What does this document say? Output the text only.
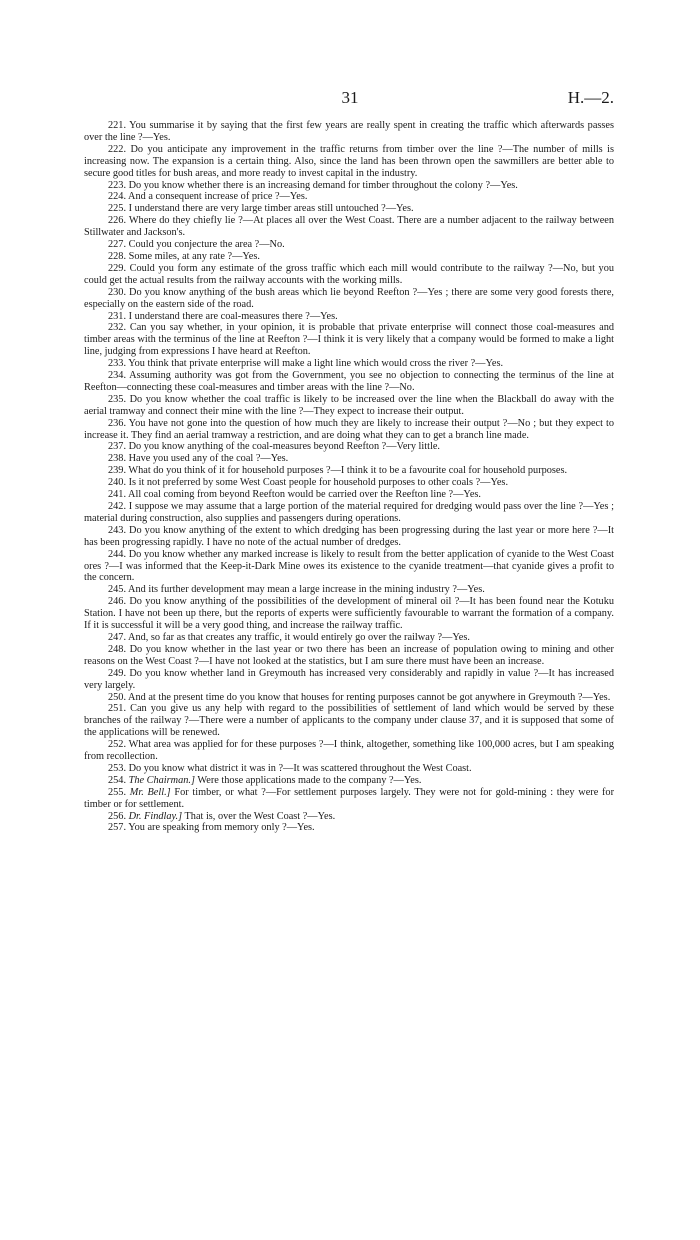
31	H.—2.

221. You summarise it by saying that the first few years are really spent in creating the traffic which afterwards passes over the line ?—Yes.

222. Do you anticipate any improvement in the traffic returns from timber over the line ?—The number of mills is increasing now. The expansion is a certain thing. Also, since the land has been thrown open the sawmillers are better able to secure good titles for bush areas, and more ready to invest capital in the industry.

223. Do you know whether there is an increasing demand for timber throughout the colony ?—Yes.

224. And a consequent increase of price ?—Yes.

225. I understand there are very large timber areas still untouched ?—Yes.

226. Where do they chiefly lie ?—At places all over the West Coast. There are a number adjacent to the railway between Stillwater and Jackson's.

227. Could you conjecture the area ?—No.

228. Some miles, at any rate ?—Yes.

229. Could you form any estimate of the gross traffic which each mill would contribute to the railway ?—No, but you could get the actual results from the railway accounts with the working mills.

230. Do you know anything of the bush areas which lie beyond Reefton ?—Yes ; there are some very good forests there, especially on the eastern side of the road.

231. I understand there are coal-measures there ?—Yes.

232. Can you say whether, in your opinion, it is probable that private enterprise will connect those coal-measures and timber areas with the terminus of the line at Reefton ?—I think it is very likely that a company would be formed to make a light line, judging from expressions I have heard at Reefton.

233. You think that private enterprise will make a light line which would cross the river ?—Yes.

234. Assuming authority was got from the Government, you see no objection to connecting the terminus of the line at Reefton—connecting these coal-measures and timber areas with the line ?—No.

235. Do you know whether the coal traffic is likely to be increased over the line when the Blackball do away with the aerial tramway and connect their mine with the line ?—They expect to increase their output.

236. You have not gone into the question of how much they are likely to increase their output ?—No ; but they expect to increase it. They find an aerial tramway a restriction, and are doing what they can to get a branch line made.

237. Do you know anything of the coal-measures beyond Reefton ?—Very little.

238. Have you used any of the coal ?—Yes.

239. What do you think of it for household purposes ?—I think it to be a favourite coal for household purposes.

240. Is it not preferred by some West Coast people for household purposes to other coals ?—Yes.

241. All coal coming from beyond Reefton would be carried over the Reefton line ?—Yes.

242. I suppose we may assume that a large portion of the material required for dredging would pass over the line ?—Yes ; material during construction, also supplies and passengers during operations.

243. Do you know anything of the extent to which dredging has been progressing during the last year or more here ?—It has been progressing rapidly. I have no note of the actual number of dredges.

244. Do you know whether any marked increase is likely to result from the better application of cyanide to the West Coast ores ?—I was informed that the Keep-it-Dark Mine owes its existence to the cyanide treatment—that cyanide gives a profit to the concern.

245. And its further development may mean a large increase in the mining industry ?—Yes.

246. Do you know anything of the possibilities of the development of mineral oil ?—It has been found near the Kotuku Station. I have not been up there, but the reports of experts were sufficiently favourable to warrant the formation of a company. If it is successful it will be a very good thing, and increase the railway traffic.

247. And, so far as that creates any traffic, it would entirely go over the railway ?—Yes.

248. Do you know whether in the last year or two there has been an increase of population owing to mining and other reasons on the West Coast ?—I have not looked at the statistics, but I am sure there must have been an increase.

249. Do you know whether land in Greymouth has increased very considerably and rapidly in value ?—It has increased very largely.

250. And at the present time do you know that houses for renting purposes cannot be got anywhere in Greymouth ?—Yes.

251. Can you give us any help with regard to the possibilities of settlement of land which would be served by these branches of the railway ?—There were a number of applicants to the company under clause 37, and it is supposed that some of the applications will be renewed.

252. What area was applied for for these purposes ?—I think, altogether, something like 100,000 acres, but I am speaking from recollection.

253. Do you know what district it was in ?—It was scattered throughout the West Coast.

254. The Chairman.] Were those applications made to the company ?—Yes.

255. Mr. Bell.] For timber, or what ?—For settlement purposes largely. They were not for gold-mining : they were for timber or for settlement.

256. Dr. Findlay.] That is, over the West Coast ?—Yes.

257. You are speaking from memory only ?—Yes.
